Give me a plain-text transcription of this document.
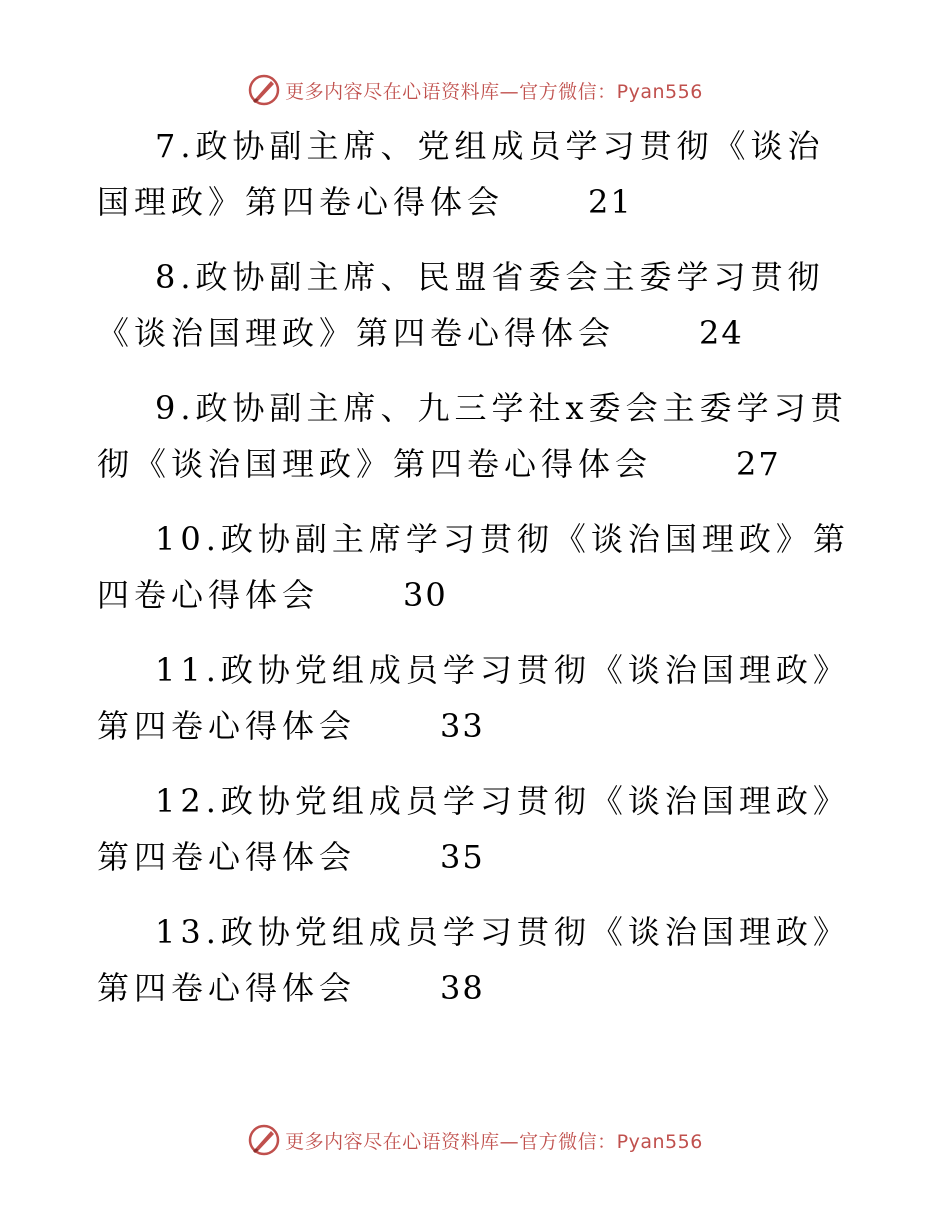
更多内容尽在心语资料库—官方微信：Pyan556

7.政协副主席、党组成员学习贯彻《谈治国理政》第四卷心得体会	21

8.政协副主席、民盟省委会主委学习贯彻《谈治国理政》第四卷心得体会	24

9.政协副主席、九三学社x委会主委学习贯彻《谈治国理政》第四卷心得体会	27

10.政协副主席学习贯彻《谈治国理政》第四卷心得体会	30

11.政协党组成员学习贯彻《谈治国理政》第四卷心得体会	33

12.政协党组成员学习贯彻《谈治国理政》第四卷心得体会	35

13.政协党组成员学习贯彻《谈治国理政》第四卷心得体会	38

更多内容尽在心语资料库—官方微信：Pyan556
